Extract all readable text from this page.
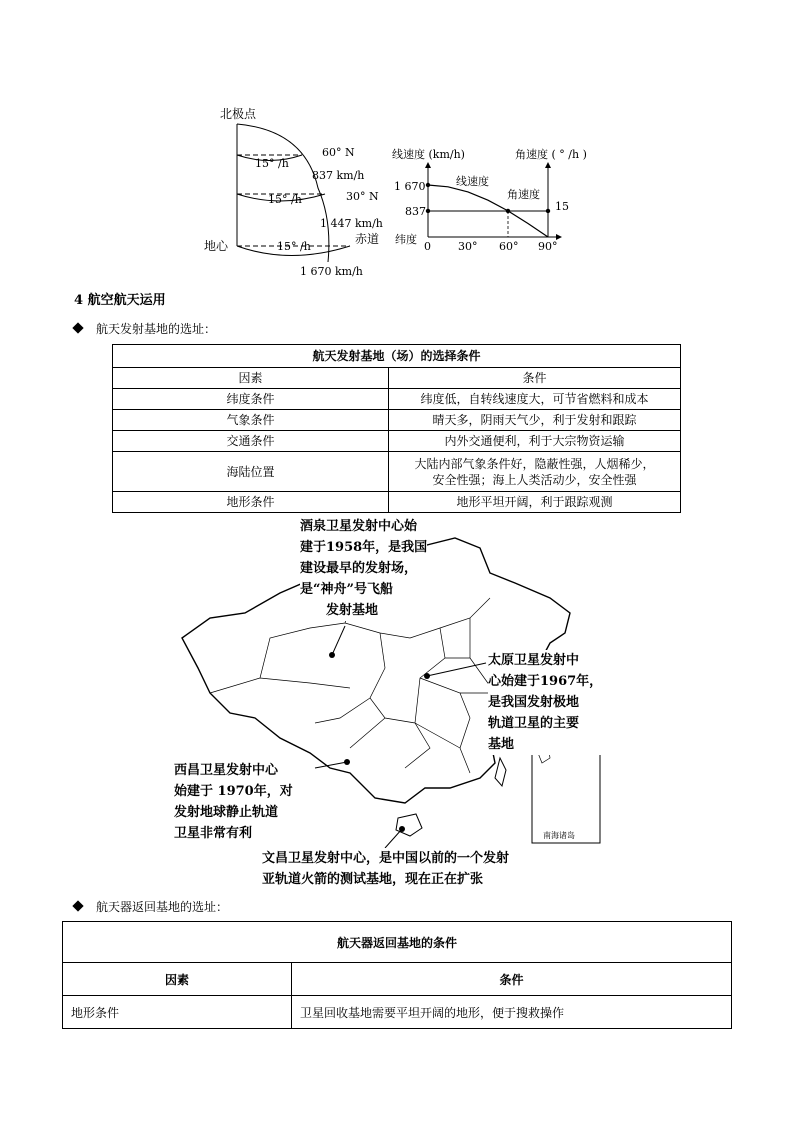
北极点
15° /h
15° /h
15° /h
60° N
837 km/h
30° N
1 447 km/h
地心	赤道
1 670 km/h
线速度 (km/h)	角速度 ( ° /h )
1 670
837	15
纬度
0 30° 60° 90°
线速度
角速度
4 航空航天运用
航天发射基地的选址：
航天发射基地（场）的选择条件	
因素	条件
纬度条件	纬度低，自转线速度大，可节省燃料和成本
气象条件	晴天多，阴雨天气少，利于发射和跟踪
交通条件	内外交通便利，利于大宗物资运输
海陆位置	大陆内部气象条件好，隐蔽性强，人烟稀少，
安全性强；海上人类活动少，安全性强

地形条件	地形平坦开阔，利于跟踪观测
南海诸岛
酒泉卫星发射中心始
建于1958年，是我国
建设最早的发射场，
是“神舟”号飞船
发射基地
太原卫星发射中
心始建于1967年，
是我国发射极地
轨道卫星的主要
基地
西昌卫星发射中心
始建于 1970年，对
发射地球静止轨道
卫星非常有利
文昌卫星发射中心，是中国以前的一个发射
亚轨道火箭的测试基地，现在正在扩张
航天器返回基地的选址：
航天器返回基地的条件	
因素	条件
地形条件	卫星回收基地需要平坦开阔的地形，便于搜救操作
